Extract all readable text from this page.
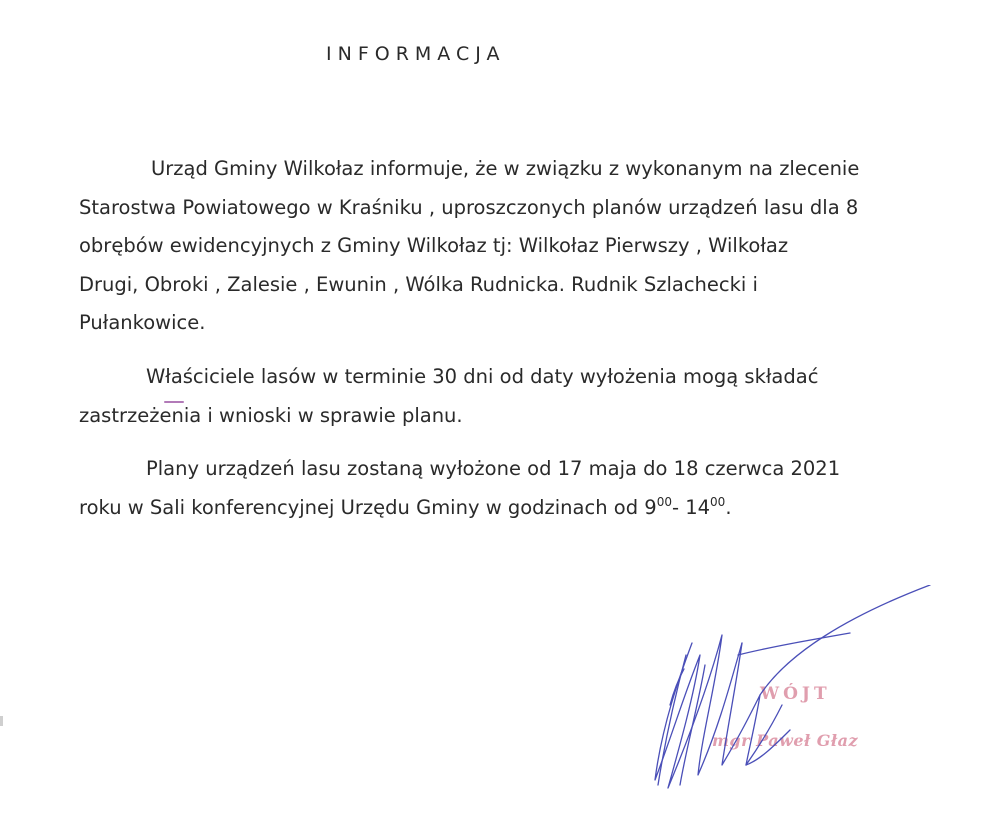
INFORMACJA
Urząd Gminy Wilkołaz informuje, że w związku z wykonanym na zlecenie
Starostwa Powiatowego w Kraśniku , uproszczonych planów urządzeń lasu dla 8
obrębów ewidencyjnych z Gminy Wilkołaz tj: Wilkołaz Pierwszy , Wilkołaz
Drugi, Obroki , Zalesie , Ewunin , Wólka Rudnicka. Rudnik Szlachecki i
Pułankowice.
Właściciele lasów w terminie 30 dni od daty wyłożenia mogą składać
zastrzeżenia i wnioski w sprawie planu.
Plany urządzeń lasu zostaną wyłożone od 17 maja do 18 czerwca 2021
roku w Sali konferencyjnej Urzędu Gminy w godzinach od $9^{00}-$ $14^{00}$.
WÓJT
mgr Paweł Głaz
